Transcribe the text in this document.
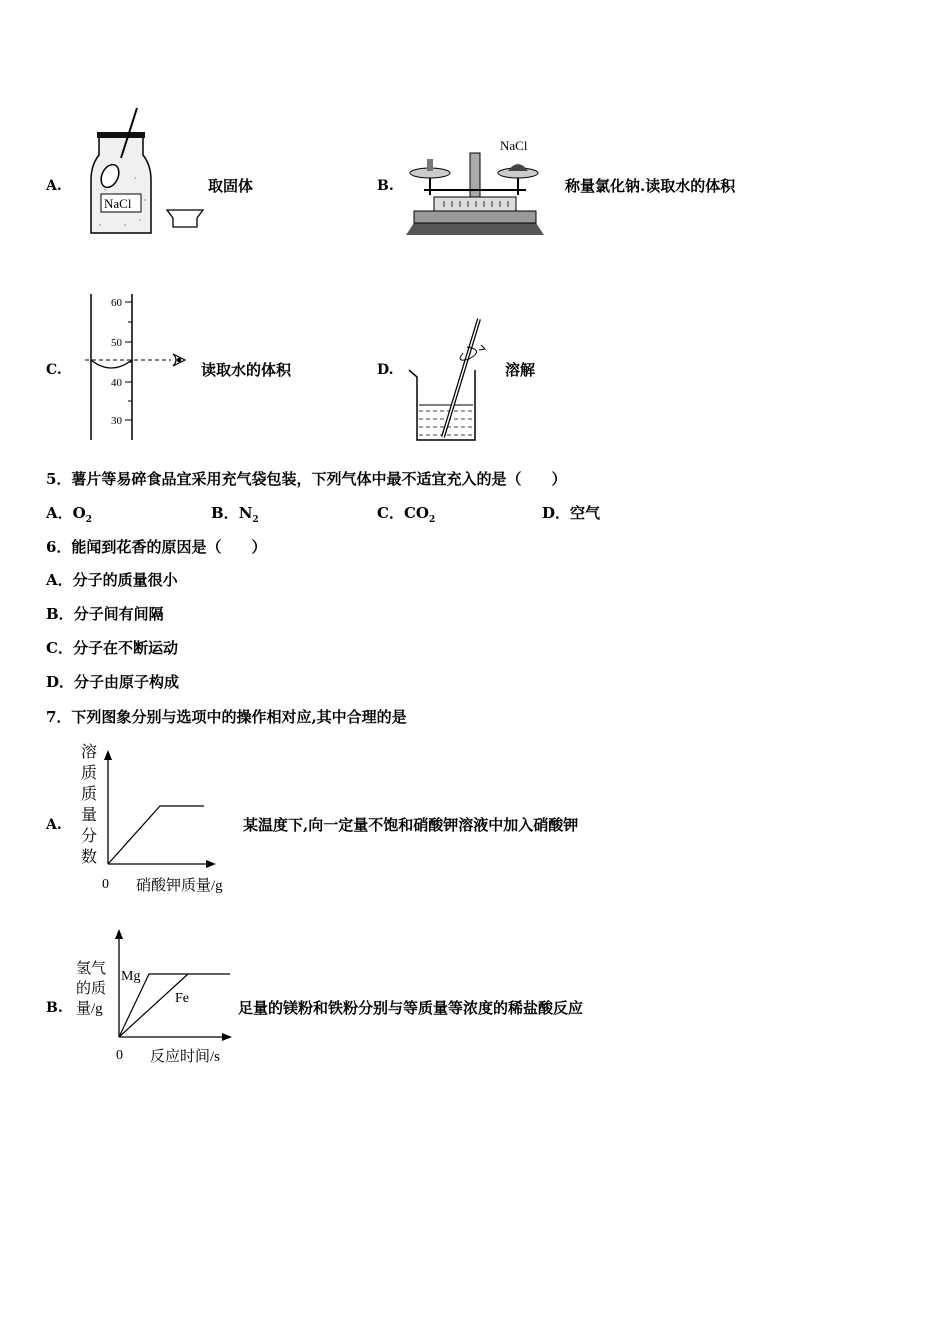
A.
NaCl
取固体	B.
NaCl
称量氯化钠.读取水的体积
C.
60
50
40
30
读取水的体积	D.	溶解
5．薯片等易碎食品宜采用充气袋包装，下列气体中最不适宜充入的是（　　）
A．$O_2$	B．$N_2$	C．$CO_2$	D．空气
6．能闻到花香的原因是（　　）
A．分子的质量很小
B．分子间有间隔
C．分子在不断运动
D．分子由原子构成
7．下列图象分别与选项中的操作相对应,其中合理的是
A.
溶
质
质
量
分
数
0 硝酸钾质量/g
某温度下,向一定量不饱和硝酸钾溶液中加入硝酸钾
B.
氢气
的质
量/g
Mg
Fe
0 反应时间/s
足量的镁粉和铁粉分别与等质量等浓度的稀盐酸反应
